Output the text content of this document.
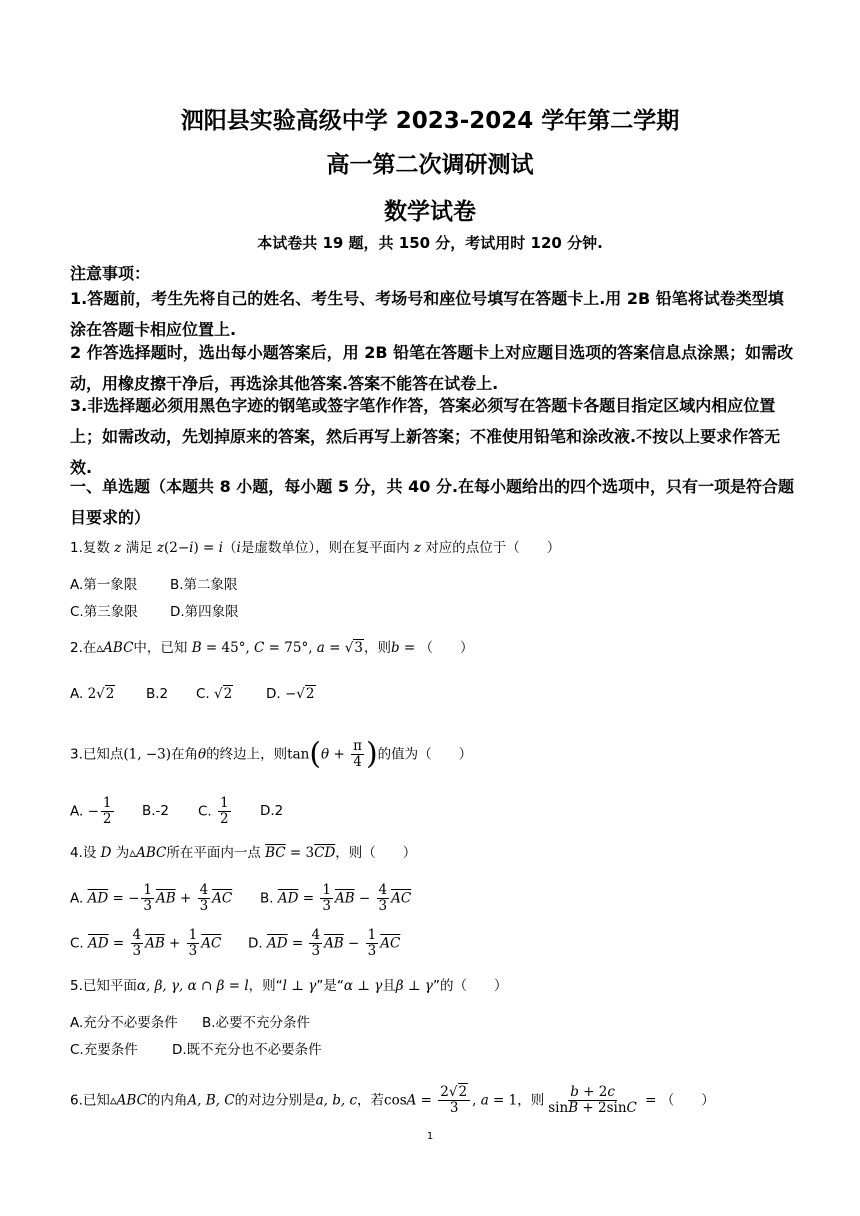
泗阳县实验高级中学 2023-2024 学年第二学期
高一第二次调研测试
数学试卷
本试卷共 19 题，共 150 分，考试用时 120 分钟.
注意事项：
1.答题前，考生先将自己的姓名、考生号、考场号和座位号填写在答题卡上.用 2B 铅笔将试卷类型填涂在答题卡相应位置上.
2 作答选择题时，选出每小题答案后，用 2B 铅笔在答题卡上对应题目选项的答案信息点涂黑；如需改动，用橡皮擦干净后，再选涂其他答案.答案不能答在试卷上.
3.非选择题必须用黑色字迹的钢笔或签字笔作作答，答案必须写在答题卡各题目指定区域内相应位置上；如需改动，先划掉原来的答案，然后再写上新答案；不准使用铅笔和涂改液.不按以上要求作答无效.
一、单选题（本题共 8 小题，每小题 5 分，共 40 分.在每小题给出的四个选项中，只有一项是符合题目要求的）
1.复数 z 满足 z(2−i) = i（i是虚数单位），则在复平面内 z 对应的点位于（　　）
A.第一象限 B.第二象限
C.第三象限 D.第四象限
2.在▵ABC中，已知 B = 45°, C = 75°, a = √3，则b = （　　）
A. 2√2 B.2 C. √2	D. −√2
3.已知点(1, −3)在角θ的终边上，则$\tan(\theta + \frac{\pi}{4}$ )的值为（　　）
A. − $\frac{1}{2} B.-2$ C. $\frac{1}{2} D.2$
4.设 D 为▵ABC所在平面内一点 $\overline{BC} = 3\overline{CD}$，则（　　）
A. $\overline{AD}$ = − $\frac{1}{3} \overline{AB} + \frac{4}{3} \overline{AC}$ B. $\overline{AD} = \frac{1}{3} \overline{AB} - \frac{4}{3} \overline{AC}$
C. $\overline{AD} = \frac{4}{3} \overline{AB} + \frac{1}{3} \overline{AC}$ D. $\overline{AD} = \frac{4}{3} \overline{AB} - \frac{1}{3} \overline{AC}$
5.已知平面α, β, γ, α ∩ β = l，则“l ⊥ γ”是“α ⊥ γ且β ⊥ γ”的（　　）
A.充分不必要条件 B.必要不充分条件
C.充要条件	D.既不充分也不必要条件
6.已知▵ABC的内角A, B, C的对边分别是a, b, c，若$\cos A = \frac{2√2}{3}$ , a = 1，则 $\frac{b + 2c}{\sin B + 2\sin C}$ = （　　）
1
